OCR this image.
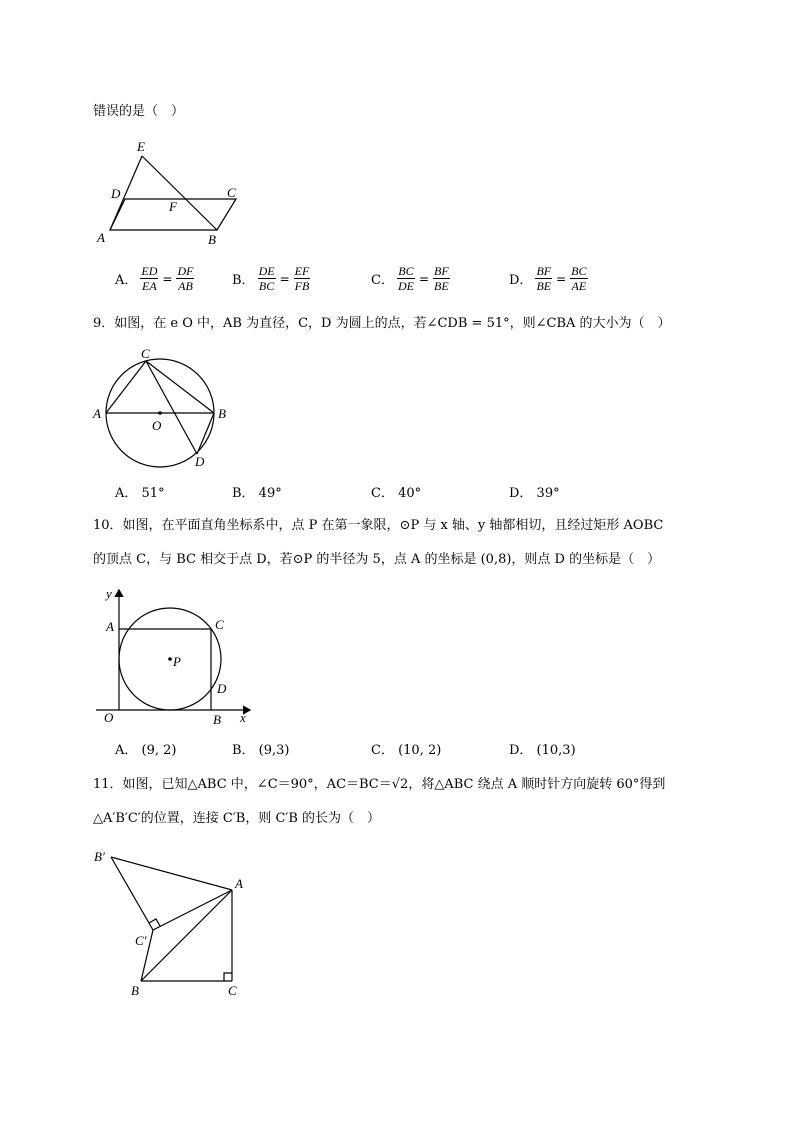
错误的是（　）
E
D	C
F
A	B
A． $\frac{ED}{EA} = \frac{DF}{AB}$	B． $\frac{DE}{BC} = \frac{EF}{FB}$	C． $\frac{BC}{DE} = \frac{BF}{BE}$	D． $\frac{BF}{BE} = \frac{BC}{AE}$
9．如图，在 e O 中，AB 为直径，C，D 为圆上的点，若∠CDB = 51°，则∠CBA 的大小为（　）
C
A	B
O
D
A． 51°	B． 49°	C． 40°	D． 39°
10．如图，在平面直角坐标系中，点 P 在第一象限，⊙P 与 x 轴、y 轴都相切，且经过矩形 AOBC
的顶点 C，与 BC 相交于点 D，若⊙P 的半径为 5，点 A 的坐标是 (0,8)，则点 D 的坐标是（　）
y
A	C
P
D
O	B x
A． (9, 2)	B． (9,3)	C． (10, 2)	D． (10,3)
11．如图，已知△ABC 中，∠C＝90°，AC＝BC＝√2，将△ABC 绕点 A 顺时针方向旋转 60°得到
△A′B′C′的位置，连接 C′B，则 C′B 的长为（　）
B′
A
C′
B	C
